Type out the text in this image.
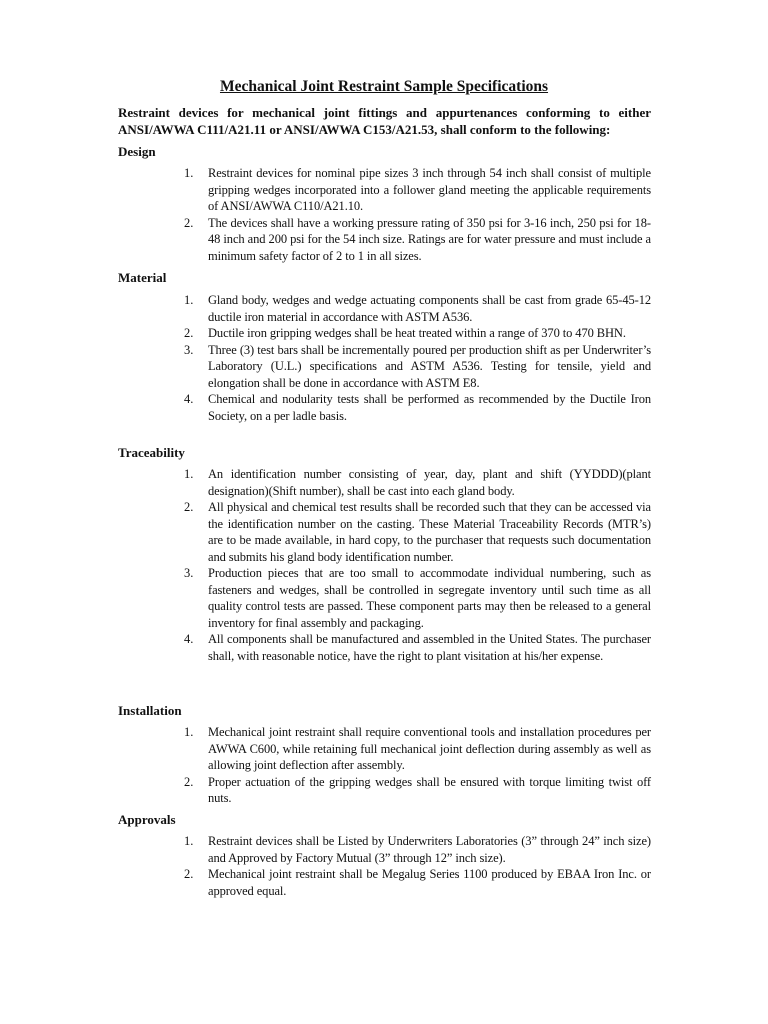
Mechanical Joint Restraint Sample Specifications

Restraint devices for mechanical joint fittings and appurtenances conforming to either ANSI/AWWA C111/A21.11 or ANSI/AWWA C153/A21.53, shall conform to the following:

Design
1.	Restraint devices for nominal pipe sizes 3 inch through 54 inch shall consist of multiple gripping wedges incorporated into a follower gland meeting the applicable requirements of ANSI/AWWA C110/A21.10.
2.	The devices shall have a working pressure rating of 350 psi for 3-16 inch, 250 psi for 18-48 inch and 200 psi for the 54 inch size. Ratings are for water pressure and must include a minimum safety factor of 2 to 1 in all sizes.
Material
1.	Gland body, wedges and wedge actuating components shall be cast from grade 65-45-12 ductile iron material in accordance with ASTM A536.
2.	Ductile iron gripping wedges shall be heat treated within a range of 370 to 470 BHN.
3.	Three (3) test bars shall be incrementally poured per production shift as per Underwriter’s Laboratory (U.L.) specifications and ASTM A536. Testing for tensile, yield and elongation shall be done in accordance with ASTM E8.
4.	Chemical and nodularity tests shall be performed as recommended by the Ductile Iron Society, on a per ladle basis.
Traceability
1.	An identification number consisting of year, day, plant and shift (YYDDD)(plant designation)(Shift number), shall be cast into each gland body.
2.	All physical and chemical test results shall be recorded such that they can be accessed via the identification number on the casting. These Material Traceability Records (MTR’s) are to be made available, in hard copy, to the purchaser that requests such documentation and submits his gland body identification number.
3.	Production pieces that are too small to accommodate individual numbering, such as fasteners and wedges, shall be controlled in segregate inventory until such time as all quality control tests are passed. These component parts may then be released to a general inventory for final assembly and packaging.
4.	All components shall be manufactured and assembled in the United States. The purchaser shall, with reasonable notice, have the right to plant visitation at his/her expense.
Installation
1.	Mechanical joint restraint shall require conventional tools and installation procedures per AWWA C600, while retaining full mechanical joint deflection during assembly as well as allowing joint deflection after assembly.
2.	Proper actuation of the gripping wedges shall be ensured with torque limiting twist off nuts.
Approvals
1.	Restraint devices shall be Listed by Underwriters Laboratories (3” through 24” inch size) and Approved by Factory Mutual (3” through 12” inch size).
2.	Mechanical joint restraint shall be Megalug Series 1100 produced by EBAA Iron Inc. or approved equal.
